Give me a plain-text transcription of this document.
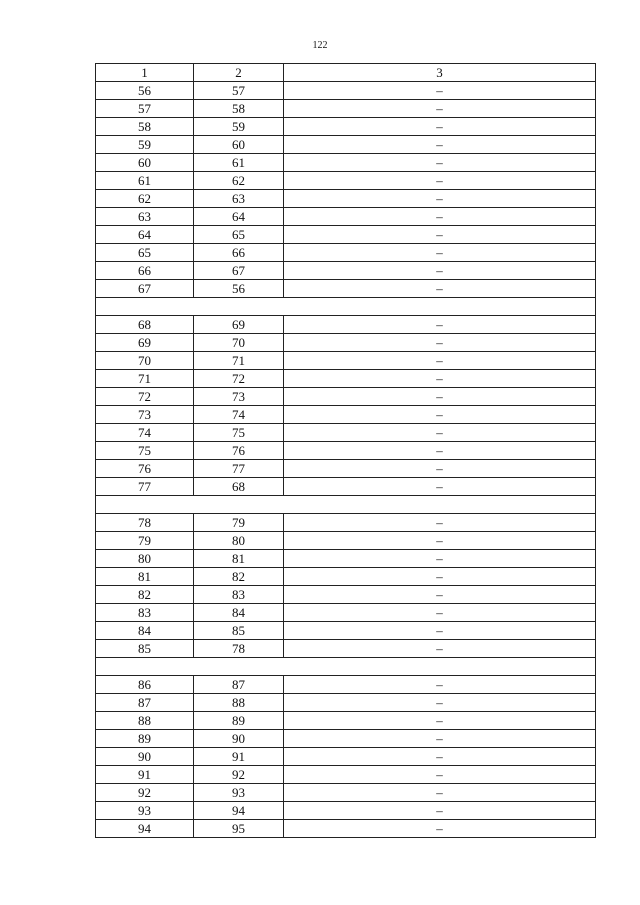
122
1	2	3
56	57	–
57	58	–
58	59	–
59	60	–
60	61	–
61	62	–
62	63	–
63	64	–
64	65	–
65	66	–
66	67	–
67	56	–

68	69	–
69	70	–
70	71	–
71	72	–
72	73	–
73	74	–
74	75	–
75	76	–
76	77	–
77	68	–

78	79	–
79	80	–
80	81	–
81	82	–
82	83	–
83	84	–
84	85	–
85	78	–

86	87	–
87	88	–
88	89	–
89	90	–
90	91	–
91	92	–
92	93	–
93	94	–
94	95	–
